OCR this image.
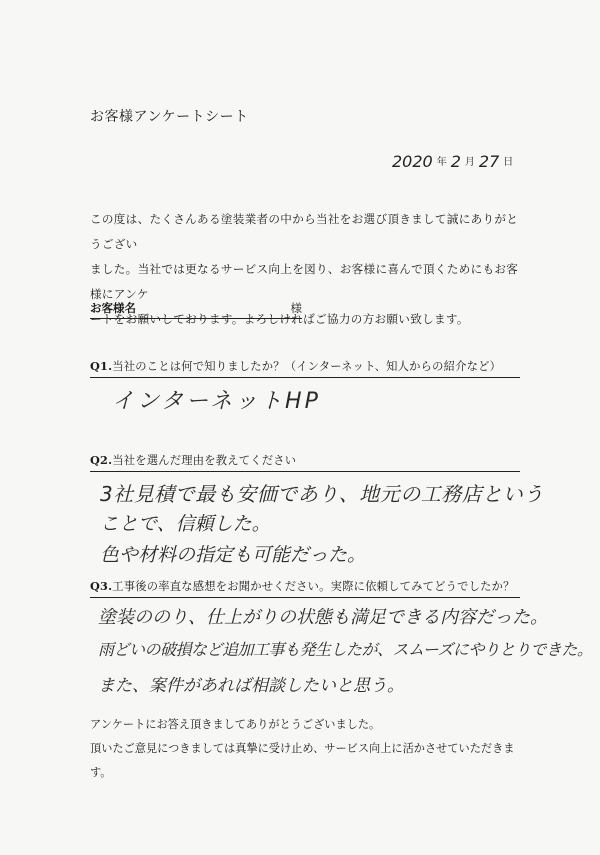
お客様アンケートシート
2020 年 2 月 27 日
この度は、たくさんある塗装業者の中から当社をお選び頂きまして誠にありがとうござい
ました。当社では更なるサービス向上を図り、お客様に喜んで頂くためにもお客様にアンケ
ートをお願いしております。よろしければご協力の方お願い致します。
お客様名	様
Q1.当社のことは何で知りましたか？（インターネット、知人からの紹介など）
インターネットHP
Q2.当社を選んだ理由を教えてください
3社見積で最も安価であり、地元の工務店という
ことで、信頼した。
色や材料の指定も可能だった。
Q3.工事後の率直な感想をお聞かせください。実際に依頼してみてどうでしたか？
塗装ののり、仕上がりの状態も満足できる内容だった。
雨どいの破損など追加工事も発生したが、スムーズにやりとりできた。
また、案件があれば相談したいと思う。
アンケートにお答え頂きましてありがとうございました。
頂いたご意見につきましては真摯に受け止め、サービス向上に活かさせていただきます。
